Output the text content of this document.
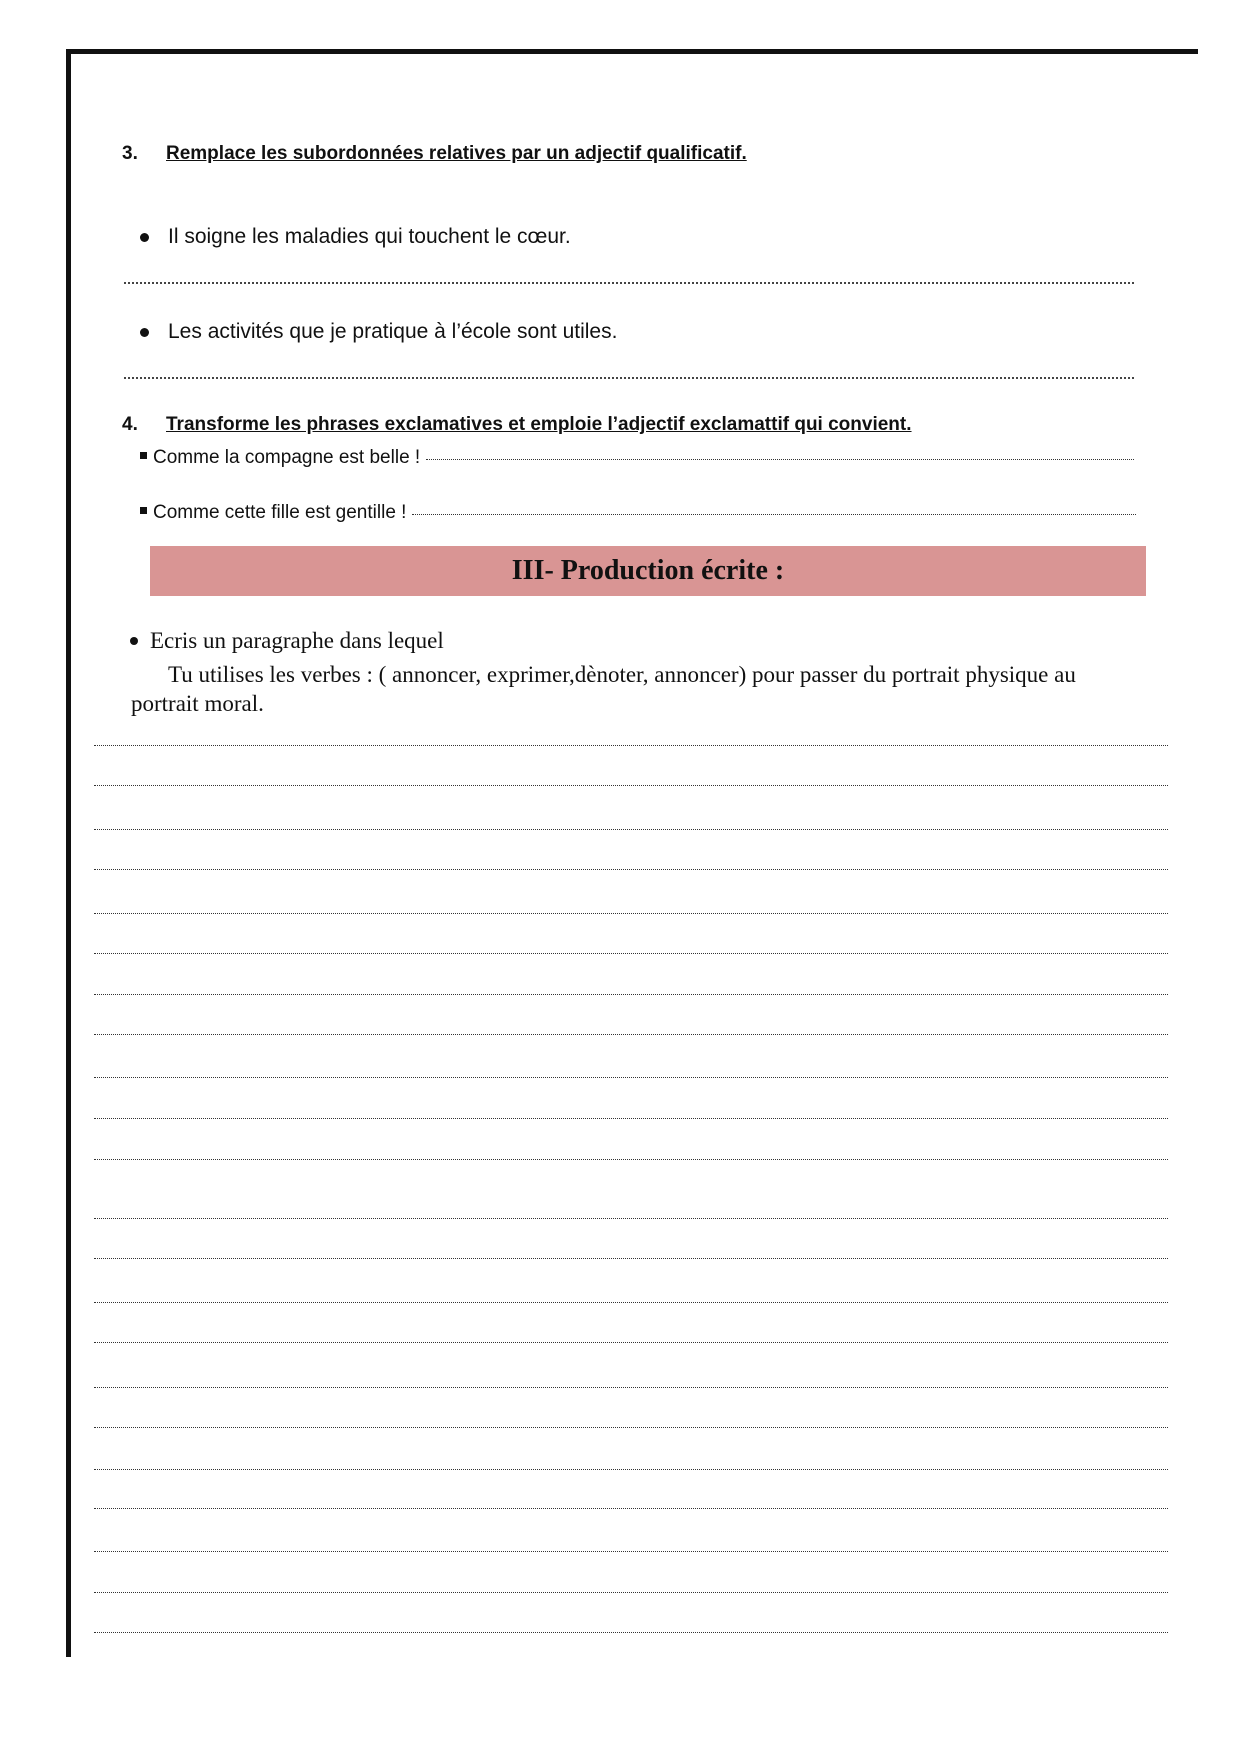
3.	Remplace les subordonnées relatives par un adjectif qualificatif.
Il soigne les maladies qui touchent le cœur.
Les activités que je pratique à l’école sont utiles.
4.	Transforme les phrases exclamatives et emploie l’adjectif exclamattif qui convient.
Comme la compagne est belle !
Comme cette fille est gentille !
III- Production écrite :
Ecris un paragraphe dans lequel
Tu utilises les verbes : ( annoncer, exprimer,dènoter, annoncer) pour passer du portrait physique au portrait moral.
